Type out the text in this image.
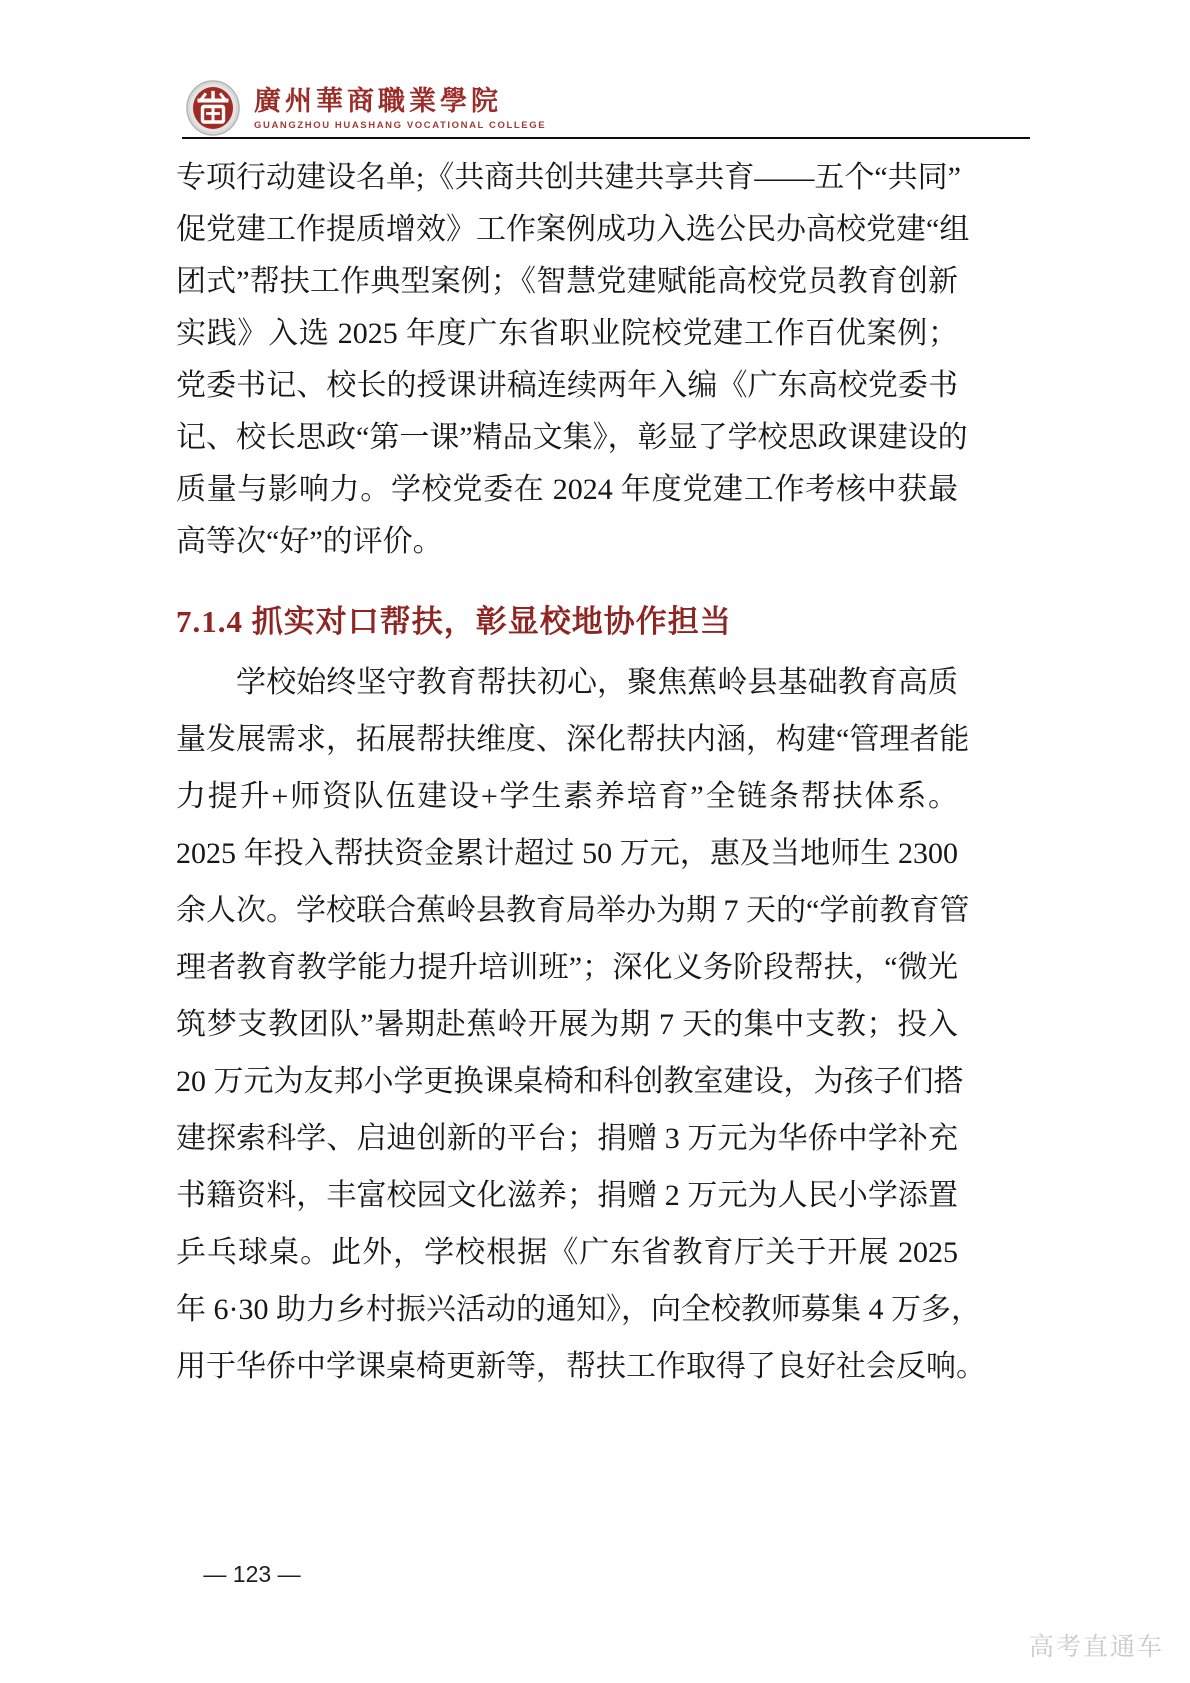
廣州華商職業學院
GUANGZHOU HUASHANG VOCATIONAL COLLEGE
专项行动建设名单;《共商共创共建共享共育——五个“共同”
促党建工作提质增效》工作案例成功入选公民办高校党建“组
团式”帮扶工作典型案例；《智慧党建赋能高校党员教育创新
实践》入选 2025 年度广东省职业院校党建工作百优案例；
党委书记、校长的授课讲稿连续两年入编《广东高校党委书
记、校长思政“第一课”精品文集》，彰显了学校思政课建设的
质量与影响力。学校党委在 2024 年度党建工作考核中获最
高等次“好”的评价。
7.1.4 抓实对口帮扶，彰显校地协作担当
学校始终坚守教育帮扶初心，聚焦蕉岭县基础教育高质
量发展需求，拓展帮扶维度、深化帮扶内涵，构建“管理者能
力提升+师资队伍建设+学生素养培育”全链条帮扶体系。
2025 年投入帮扶资金累计超过 50 万元，惠及当地师生 2300
余人次。学校联合蕉岭县教育局举办为期 7 天的“学前教育管
理者教育教学能力提升培训班”；深化义务阶段帮扶，“微光
筑梦支教团队”暑期赴蕉岭开展为期 7 天的集中支教；投入
20 万元为友邦小学更换课桌椅和科创教室建设，为孩子们搭
建探索科学、启迪创新的平台；捐赠 3 万元为华侨中学补充
书籍资料，丰富校园文化滋养；捐赠 2 万元为人民小学添置
乒乓球桌。此外，学校根据《广东省教育厅关于开展 2025
年 6·30 助力乡村振兴活动的通知》，向全校教师募集 4 万多，
用于华侨中学课桌椅更新等，帮扶工作取得了良好社会反响。
— 123 —
高考直通车
